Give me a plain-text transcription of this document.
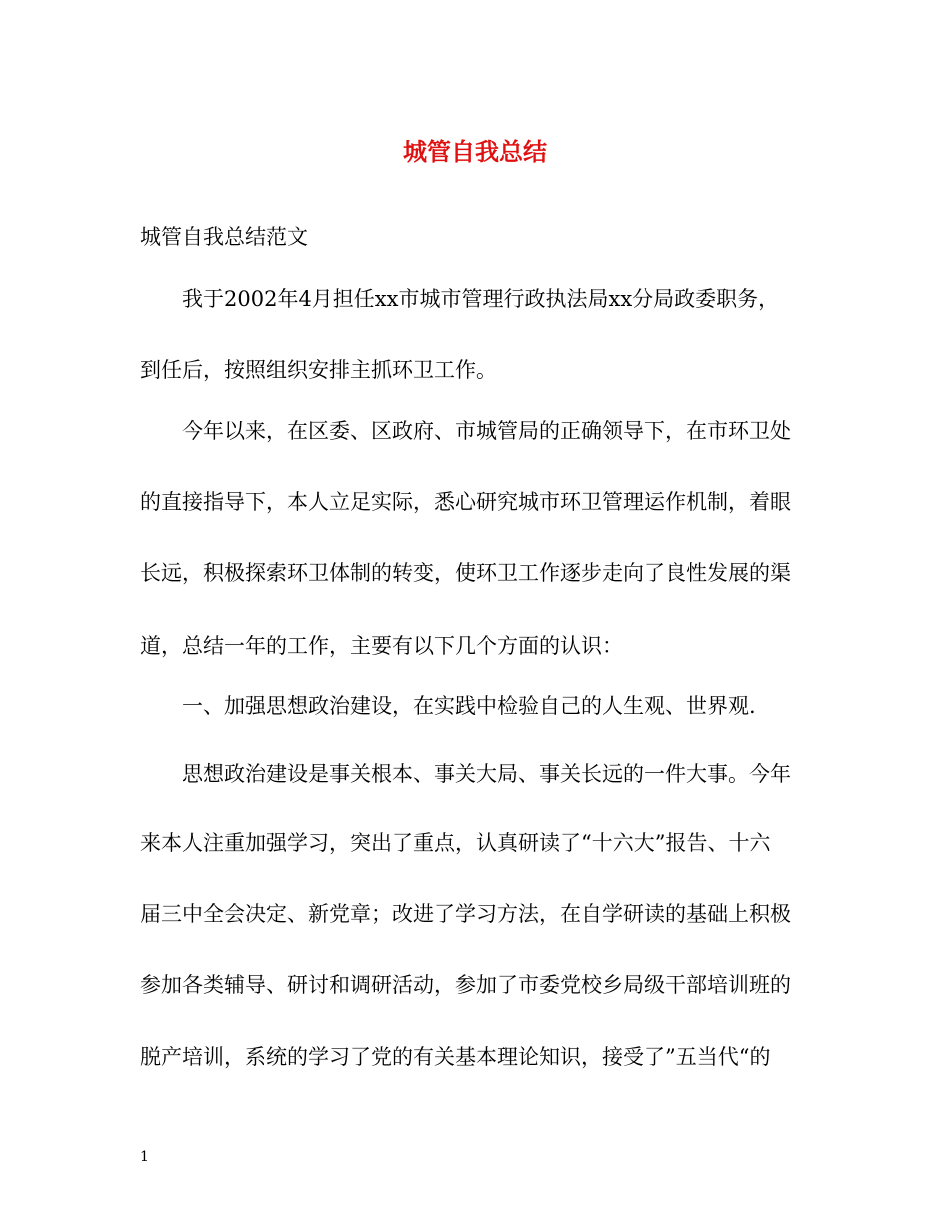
城管自我总结
城管自我总结范文
　　我于2002年4月担任xx市城市管理行政执法局xx分局政委职务，
到任后，按照组织安排主抓环卫工作。
　　今年以来，在区委、区政府、市城管局的正确领导下，在市环卫处
的直接指导下，本人立足实际，悉心研究城市环卫管理运作机制，着眼
长远，积极探索环卫体制的转变，使环卫工作逐步走向了良性发展的渠
道，总结一年的工作，主要有以下几个方面的认识：
　　一、加强思想政治建设，在实践中检验自己的人生观、世界观.
　　思想政治建设是事关根本、事关大局、事关长远的一件大事。今年
来本人注重加强学习，突出了重点，认真研读了“十六大”报告、十六
届三中全会决定、新党章；改进了学习方法，在自学研读的基础上积极
参加各类辅导、研讨和调研活动，参加了市委党校乡局级干部培训班的
脱产培训，系统的学习了党的有关基本理论知识，接受了”五当代“的
1
